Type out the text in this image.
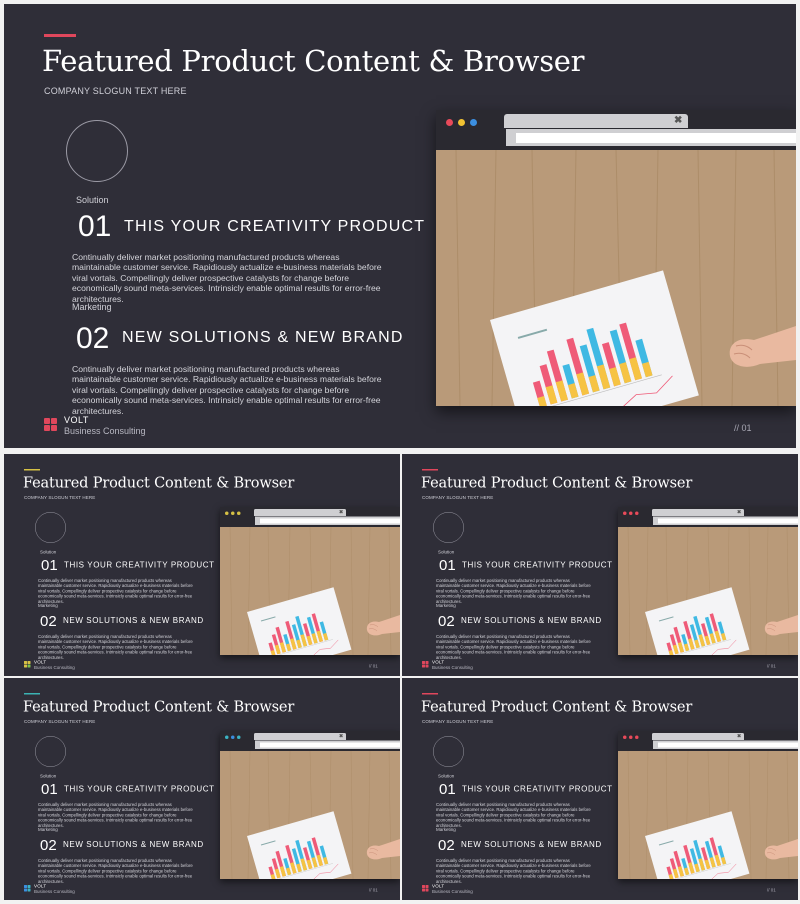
Featured Product Content & Browser
COMPANY SLOGUN TEXT HERE
Solution
01 THIS YOUR CREATIVITY PRODUCT
Continually deliver market positioning manufactured products whereas maintainable customer service. Rapidiously actualize e-business materials before viral vortals. Compellingly deliver prospective catalysts for change before economically sound meta-services. Intrinsicly enable optimal results for error-free architectures.
Marketing
02 NEW SOLUTIONS & NEW BRAND
Continually deliver market positioning manufactured products whereas maintainable customer service. Rapidiously actualize e-business materials before viral vortals. Compellingly deliver prospective catalysts for change before economically sound meta-services. Intrinsicly enable optimal results for error-free architectures.
VOLT
Business Consulting	// 01
✖
Featured Product Content & Browser
COMPANY SLOGUN TEXT HERE
Solution
01 THIS YOUR CREATIVITY PRODUCT
Continually deliver market positioning manufactured products whereas maintainable customer service. Rapidiously actualize e-business materials before viral vortals. Compellingly deliver prospective catalysts for change before economically sound meta-services. Intrinsicly enable optimal results for error-free architectures.
Marketing
02 NEW SOLUTIONS & NEW BRAND
Continually deliver market positioning manufactured products whereas maintainable customer service. Rapidiously actualize e-business materials before viral vortals. Compellingly deliver prospective catalysts for change before economically sound meta-services. Intrinsicly enable optimal results for error-free architectures.
VOLT
Business Consulting	// 01
✖
Featured Product Content & Browser
COMPANY SLOGUN TEXT HERE
Solution
01 THIS YOUR CREATIVITY PRODUCT
Continually deliver market positioning manufactured products whereas maintainable customer service. Rapidiously actualize e-business materials before viral vortals. Compellingly deliver prospective catalysts for change before economically sound meta-services. Intrinsicly enable optimal results for error-free architectures.
Marketing
02 NEW SOLUTIONS & NEW BRAND
Continually deliver market positioning manufactured products whereas maintainable customer service. Rapidiously actualize e-business materials before viral vortals. Compellingly deliver prospective catalysts for change before economically sound meta-services. Intrinsicly enable optimal results for error-free architectures.
VOLT
Business Consulting	// 01
✖
Featured Product Content & Browser
COMPANY SLOGUN TEXT HERE
Solution
01 THIS YOUR CREATIVITY PRODUCT
Continually deliver market positioning manufactured products whereas maintainable customer service. Rapidiously actualize e-business materials before viral vortals. Compellingly deliver prospective catalysts for change before economically sound meta-services. Intrinsicly enable optimal results for error-free architectures.
Marketing
02 NEW SOLUTIONS & NEW BRAND
Continually deliver market positioning manufactured products whereas maintainable customer service. Rapidiously actualize e-business materials before viral vortals. Compellingly deliver prospective catalysts for change before economically sound meta-services. Intrinsicly enable optimal results for error-free architectures.
VOLT
Business Consulting	// 01
✖
Featured Product Content & Browser
COMPANY SLOGUN TEXT HERE
Solution
01 THIS YOUR CREATIVITY PRODUCT
Continually deliver market positioning manufactured products whereas maintainable customer service. Rapidiously actualize e-business materials before viral vortals. Compellingly deliver prospective catalysts for change before economically sound meta-services. Intrinsicly enable optimal results for error-free architectures.
Marketing
02 NEW SOLUTIONS & NEW BRAND
Continually deliver market positioning manufactured products whereas maintainable customer service. Rapidiously actualize e-business materials before viral vortals. Compellingly deliver prospective catalysts for change before economically sound meta-services. Intrinsicly enable optimal results for error-free architectures.
VOLT
Business Consulting	// 01
✖
